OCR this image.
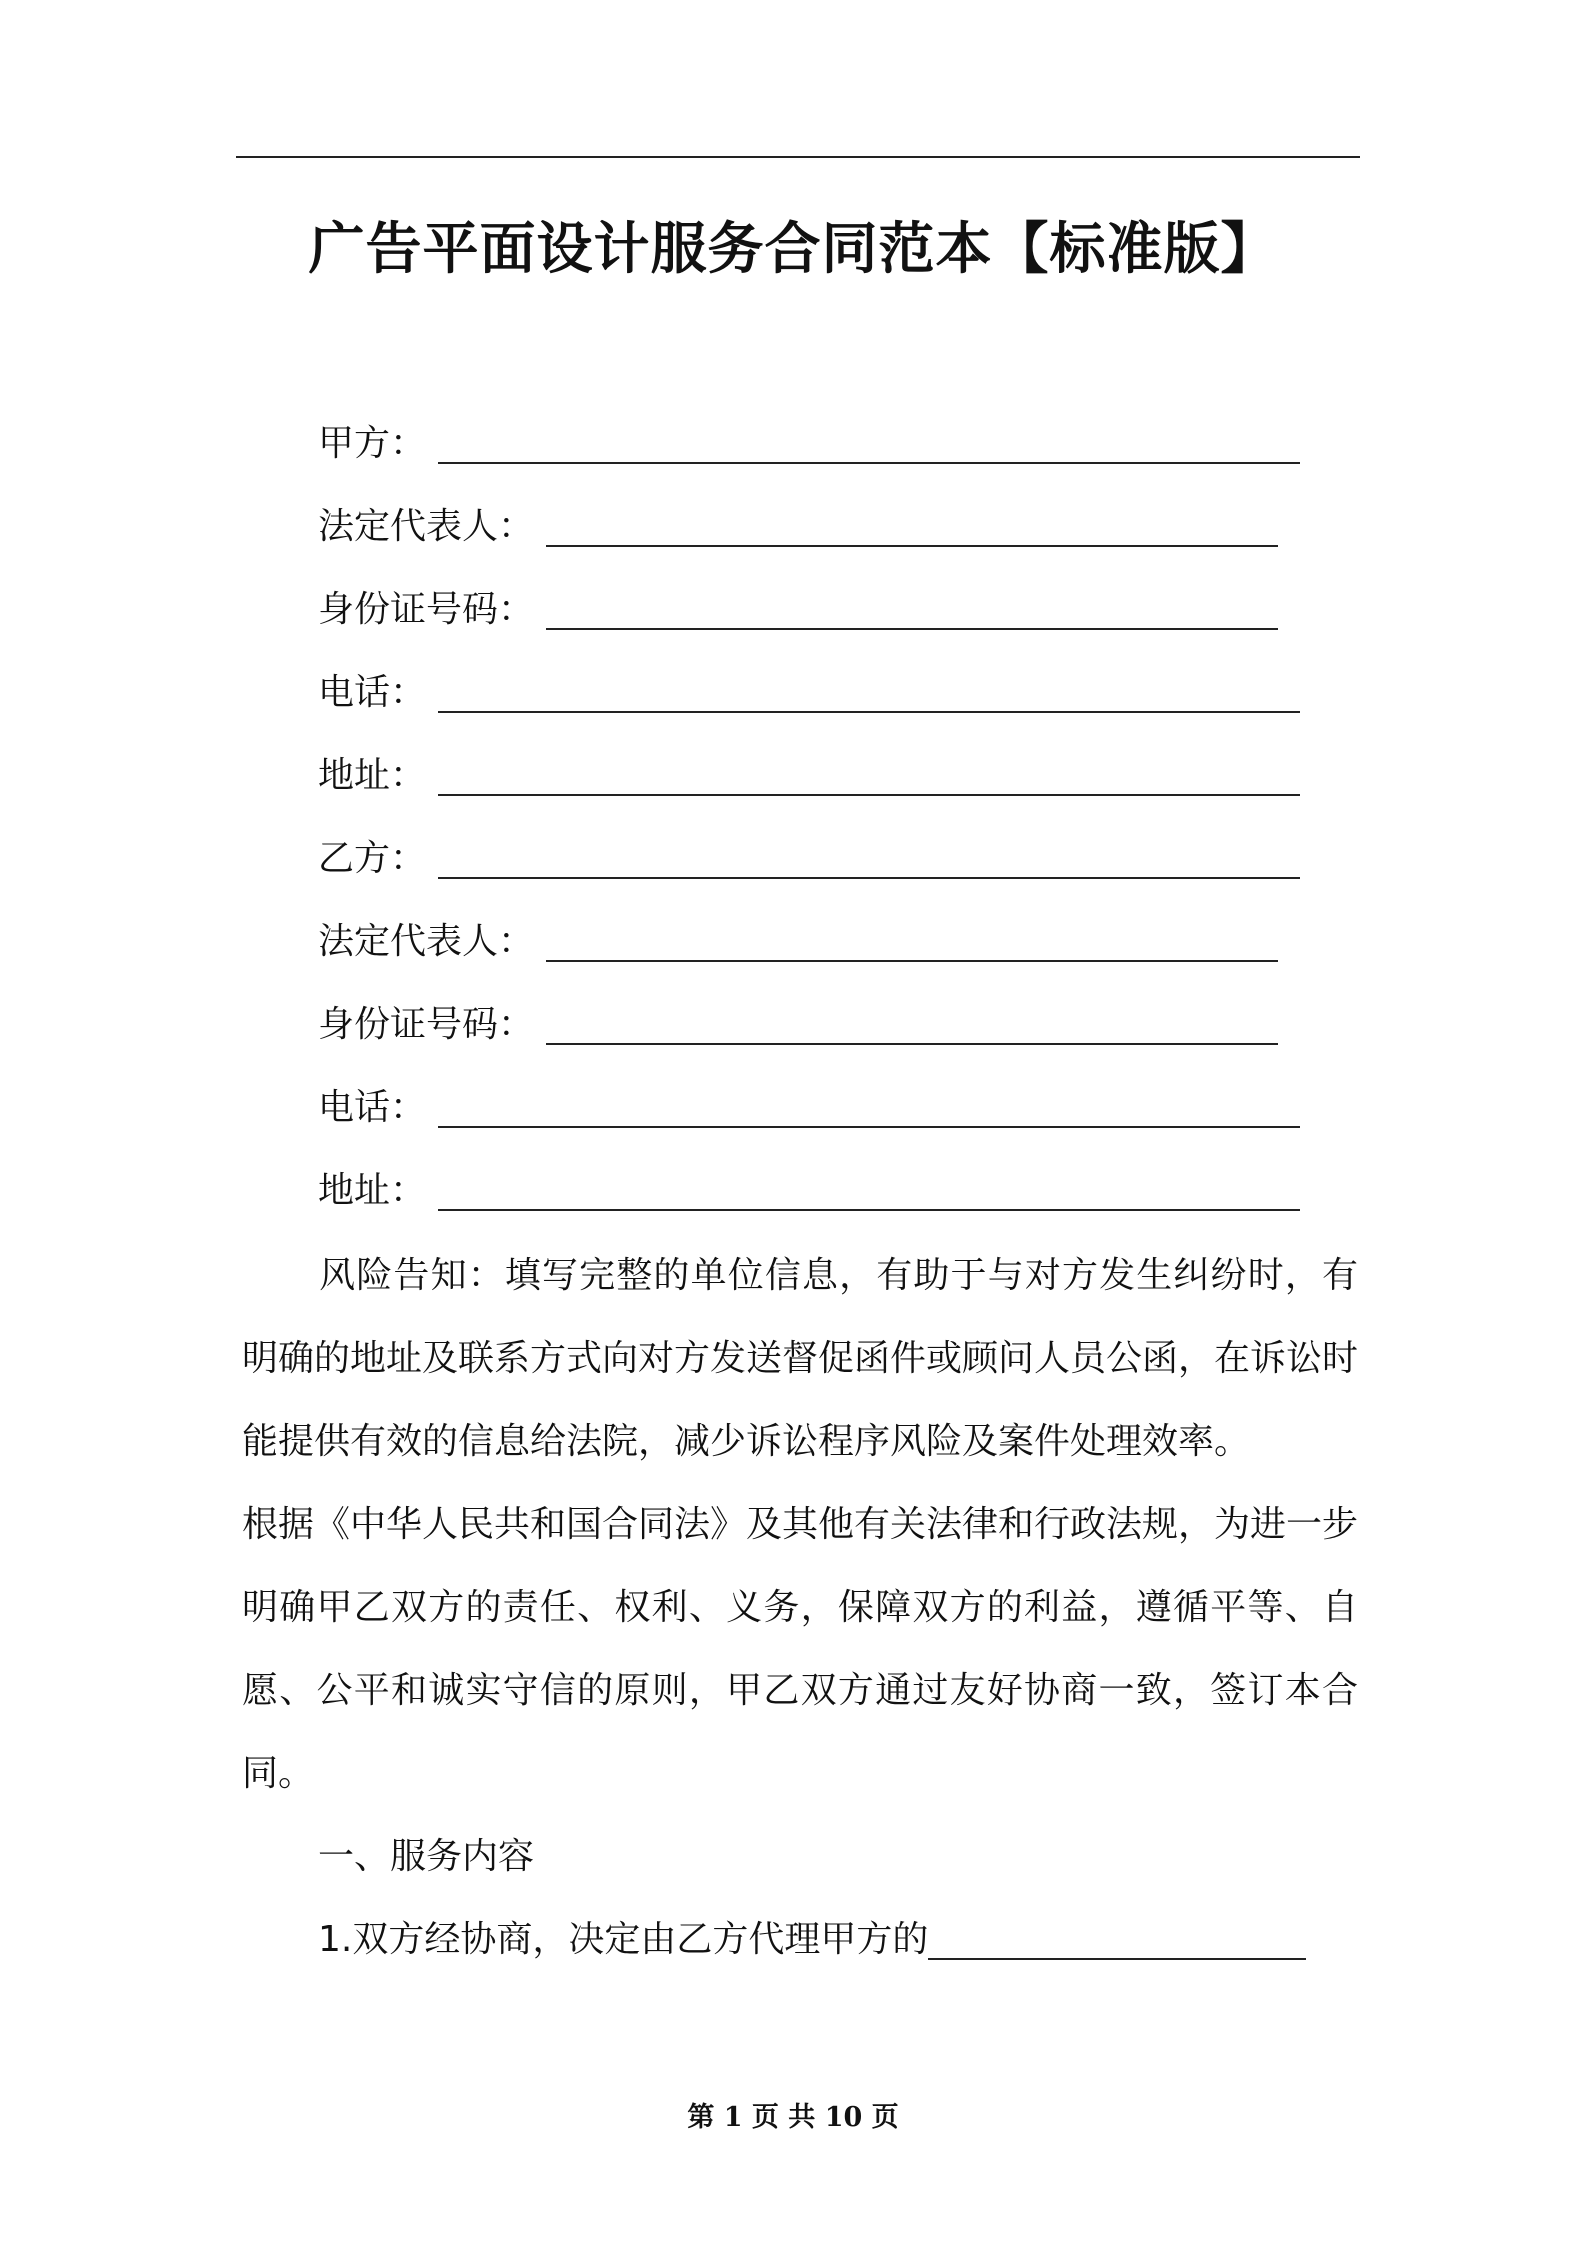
广告平面设计服务合同范本【标准版】
甲方：
法定代表人：
身份证号码：
电话：
地址：
乙方：
法定代表人：
身份证号码：
电话：
地址：
风险告知：填写完整的单位信息，有助于与对方发生纠纷时，有明确的地址及联系方式向对方发送督促函件或顾问人员公函，在诉讼时能提供有效的信息给法院，减少诉讼程序风险及案件处理效率。
根据《中华人民共和国合同法》及其他有关法律和行政法规，为进一步明确甲乙双方的责任、权利、义务，保障双方的利益，遵循平等、自愿、公平和诚实守信的原则，甲乙双方通过友好协商一致，签订本合同。
一、服务内容
1.双方经协商，决定由乙方代理甲方的
第 1 页 共 10 页
